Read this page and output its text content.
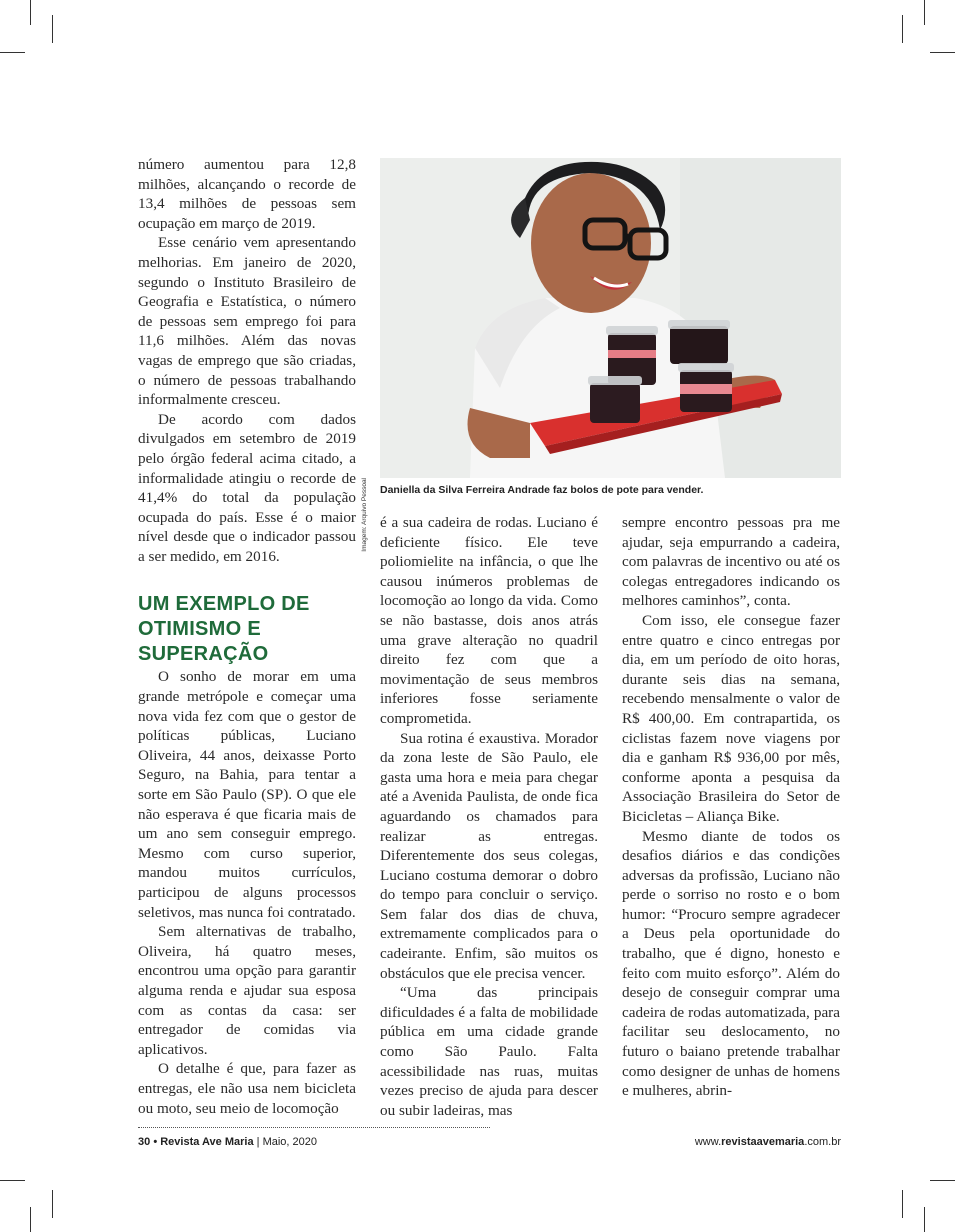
número aumentou para 12,8 milhões, alcançando o recorde de 13,4 milhões de pessoas sem ocupação em março de 2019.

Esse cenário vem apresentando melhorias. Em janeiro de 2020, segundo o Instituto Brasileiro de Geografia e Estatística, o número de pessoas sem emprego foi para 11,6 milhões. Além das novas vagas de emprego que são criadas, o número de pessoas trabalhando informalmente cresceu.

De acordo com dados divulgados em setembro de 2019 pelo órgão federal acima citado, a informalidade atingiu o recorde de 41,4% do total da população ocupada do país. Esse é o maior nível desde que o indicador passou a ser medido, em 2016.

UM EXEMPLO DE OTIMISMO E SUPERAÇÃO

O sonho de morar em uma grande metrópole e começar uma nova vida fez com que o gestor de políticas públicas, Luciano Oliveira, 44 anos, deixasse Porto Seguro, na Bahia, para tentar a sorte em São Paulo (SP). O que ele não esperava é que ficaria mais de um ano sem conseguir emprego. Mesmo com curso superior, mandou muitos currículos, participou de alguns processos seletivos, mas nunca foi contratado.

Sem alternativas de trabalho, Oliveira, há quatro meses, encontrou uma opção para garantir alguma renda e ajudar sua esposa com as contas da casa: ser entregador de comidas via aplicativos.

O detalhe é que, para fazer as entregas, ele não usa nem bicicleta ou moto, seu meio de locomoção

Imagem: Arquivo Pessoal	Daniella da Silva Ferreira Andrade faz bolos de pote para vender.

é a sua cadeira de rodas. Luciano é deficiente físico. Ele teve poliomielite na infância, o que lhe causou inúmeros problemas de locomoção ao longo da vida. Como se não bastasse, dois anos atrás uma grave alteração no quadril direito fez com que a movimentação de seus membros inferiores fosse seriamente comprometida.

Sua rotina é exaustiva. Morador da zona leste de São Paulo, ele gasta uma hora e meia para chegar até a Avenida Paulista, de onde fica aguardando os chamados para realizar as entregas. Diferentemente dos seus colegas, Luciano costuma demorar o dobro do tempo para concluir o serviço. Sem falar dos dias de chuva, extremamente complicados para o cadeirante. Enfim, são muitos os obstáculos que ele precisa vencer.

“Uma das principais dificuldades é a falta de mobilidade pública em uma cidade grande como São Paulo. Falta acessibilidade nas ruas, muitas vezes preciso de ajuda para descer ou subir ladeiras, mas

sempre encontro pessoas pra me ajudar, seja empurrando a cadeira, com palavras de incentivo ou até os colegas entregadores indicando os melhores caminhos”, conta.

Com isso, ele consegue fazer entre quatro e cinco entregas por dia, em um período de oito horas, durante seis dias na semana, recebendo mensalmente o valor de R$ 400,00. Em contrapartida, os ciclistas fazem nove viagens por dia e ganham R$ 936,00 por mês, conforme aponta a pesquisa da Associação Brasileira do Setor de Bicicletas – Aliança Bike.

Mesmo diante de todos os desafios diários e das condições adversas da profissão, Luciano não perde o sorriso no rosto e o bom humor: “Procuro sempre agradecer a Deus pela oportunidade do trabalho, que é digno, honesto e feito com muito esforço”. Além do desejo de conseguir comprar uma cadeira de rodas automatizada, para facilitar seu deslocamento, no futuro o baiano pretende trabalhar como designer de unhas de homens e mulheres, abrin-

30 • Revista Ave Maria | Maio, 2020	www.revistaavemaria.com.br
